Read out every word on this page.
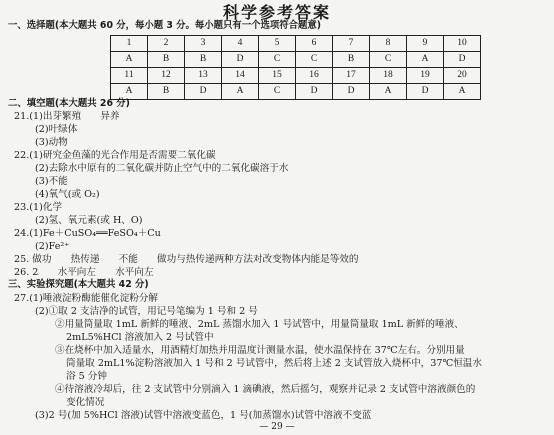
科学参考答案
一、选择题(本大题共 60 分，每小题 3 分。每小题只有一个选项符合题意)
1	2	3	4	5	6	7	8	9	10
A	B	B	D	C	C	B	C	A	D
11	12	13	14	15	16	17	18	19	20
A	B	D	A	C	D	D	A	D	A
二、填空题(本大题共 26 分)
21.(1)出芽繁殖　　异养
(2)叶绿体
(3)动物
22.(1)研究金鱼藻的光合作用是否需要二氧化碳
(2)去除水中原有的二氧化碳并防止空气中的二氧化碳溶于水
(3)不能
(4)氧气(或 O₂)
23.(1)化学
(2)氢、氧元素(或 H、O)
24.(1)Fe＋CuSO₄══FeSO₄＋Cu
(2)Fe²⁺
25. 做功　　热传递　　不能　　做功与热传递两种方法对改变物体内能是等效的
26. 2　　水平向左　　水平向左
三、实验探究题(本大题共 42 分)
27.(1)唾液淀粉酶能催化淀粉分解
(2)①取 2 支洁净的试管，用记号笔编为 1 号和 2 号
②用量筒量取 1mL 新鲜的唾液、2mL 蒸馏水加入 1 号试管中，用量筒量取 1mL 新鲜的唾液、
2mL5%HCl 溶液加入 2 号试管中
③在烧杯中加入适量水，用酒精灯加热并用温度计测量水温，使水温保持在 37℃左右。分别用量
筒量取 2mL1%淀粉溶液加入 1 号和 2 号试管中，然后将上述 2 支试管放入烧杯中，37℃恒温水
浴 5 分钟
④待溶液冷却后，往 2 支试管中分别滴入 1 滴碘液，然后摇匀，观察并记录 2 支试管中溶液颜色的
变化情况
— 29 —
(3)2 号(加 5%HCl 溶液)试管中溶液变蓝色，1 号(加蒸馏水)试管中溶液不变蓝
